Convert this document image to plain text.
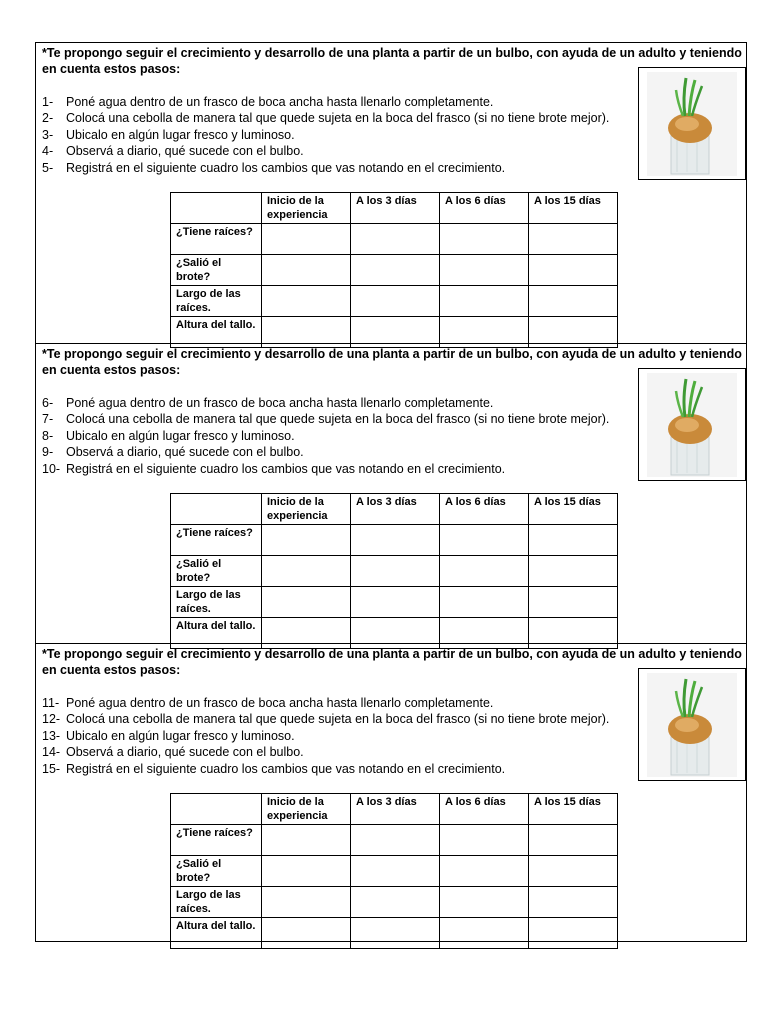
*Te propongo seguir el crecimiento y desarrollo de una planta a partir de un bulbo, con ayuda de un adulto y teniendo en cuenta estos pasos:
1-	Poné agua dentro de un frasco de boca ancha hasta llenarlo completamente.
2-	Colocá una cebolla de manera tal que quede sujeta en la boca del frasco (si no tiene brote mejor).
3-	Ubicalo en algún lugar fresco y luminoso.
4-	Observá a diario, qué sucede con el bulbo.
5-	Registrá en el siguiente cuadro los cambios que vas notando en el crecimiento.
	Inicio de la experiencia	A los 3 días	A los 6 días	A los 15 días
¿Tiene raíces?				
¿Salió el brote?				
Largo de las raíces.				
Altura del tallo.				
*Te propongo seguir el crecimiento y desarrollo de una planta a partir de un bulbo, con ayuda de un adulto y teniendo en cuenta estos pasos:
6-	Poné agua dentro de un frasco de boca ancha hasta llenarlo completamente.
7-	Colocá una cebolla de manera tal que quede sujeta en la boca del frasco (si no tiene brote mejor).
8-	Ubicalo en algún lugar fresco y luminoso.
9-	Observá a diario, qué sucede con el bulbo.
10- Registrá en el siguiente cuadro los cambios que vas notando en el crecimiento.
	Inicio de la experiencia	A los 3 días	A los 6 días	A los 15 días
¿Tiene raíces?				
¿Salió el brote?				
Largo de las raíces.				
Altura del tallo.				
*Te propongo seguir el crecimiento y desarrollo de una planta a partir de un bulbo, con ayuda de un adulto y teniendo en cuenta estos pasos:
11- Poné agua dentro de un frasco de boca ancha hasta llenarlo completamente.
12- Colocá una cebolla de manera tal que quede sujeta en la boca del frasco (si no tiene brote mejor).
13- Ubicalo en algún lugar fresco y luminoso.
14- Observá a diario, qué sucede con el bulbo.
15- Registrá en el siguiente cuadro los cambios que vas notando en el crecimiento.
	Inicio de la experiencia	A los 3 días	A los 6 días	A los 15 días
¿Tiene raíces?				
¿Salió el brote?				
Largo de las raíces.				
Altura del tallo.				
